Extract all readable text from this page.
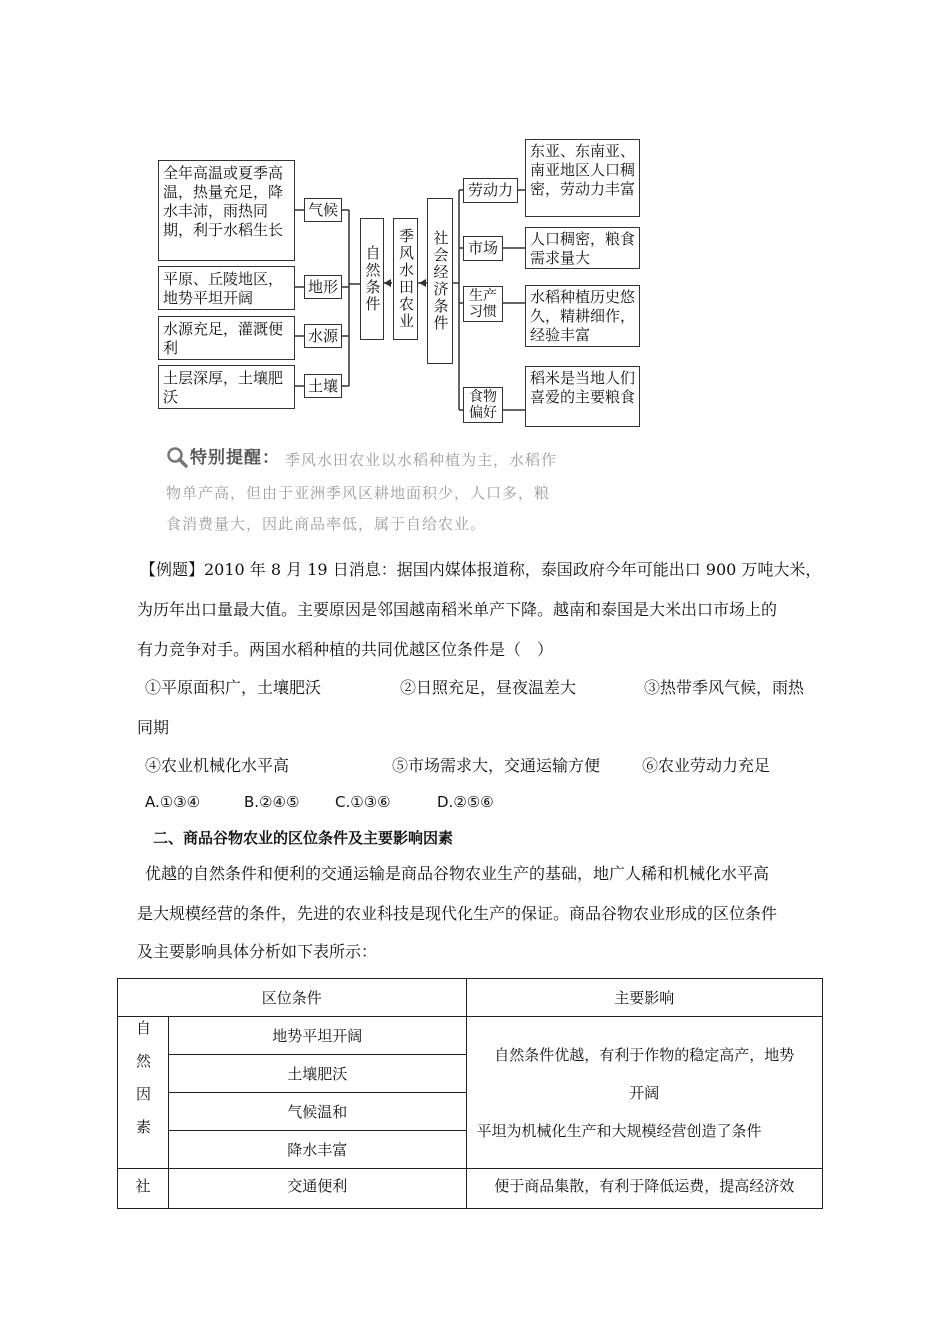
全年高温或夏季高温，热量充足，降水丰沛，雨热同期，利于水稻生长
平原、丘陵地区，地势平坦开阔
水源充足，灌溉便利
土层深厚，土壤肥沃
气候
地形
水源
土壤
自然条件 季风水田农业	社会经济条件
劳动力
市场
生产习惯
食物偏好
东亚、东南亚、南亚地区人口稠密，劳动力丰富
人口稠密，粮食需求量大
水稻种植历史悠久，精耕细作，经验丰富
稻米是当地人们喜爱的主要粮食
特别提醒： 季风水田农业以水稻种植为主，水稻作
物单产高，但由于亚洲季风区耕地面积少，人口多，粮
食消费量大，因此商品率低，属于自给农业。
【例题】2010 年 8 月 19 日消息：据国内媒体报道称，泰国政府今年可能出口 900 万吨大米，
为历年出口量最大值。主要原因是邻国越南稻米单产下降。越南和泰国是大米出口市场上的
有力竞争对手。两国水稻种植的共同优越区位条件是（　）
①平原面积广，土壤肥沃	②日照充足，昼夜温差大	③热带季风气候，雨热
同期
④农业机械化水平高	⑤市场需求大，交通运输方便	⑥农业劳动力充足
A.①③④	B.②④⑤ C.①③⑥	D.②⑤⑥
二、商品谷物农业的区位条件及主要影响因素
优越的自然条件和便利的交通运输是商品谷物农业生产的基础，地广人稀和机械化水平高
是大规模经营的条件，先进的农业科技是现代化生产的保证。商品谷物农业形成的区位条件
及主要影响具体分析如下表所示：
区位条件		主要影响
自然因素	地势平坦开阔	自然条件优越，有利于作物的稳定高产，地势
开阔
平坦为机械化生产和大规模经营创造了条件

	土壤肥沃	
	气候温和	
	降水丰富	
社	交通便利	便于商品集散，有利于降低运费，提高经济效
